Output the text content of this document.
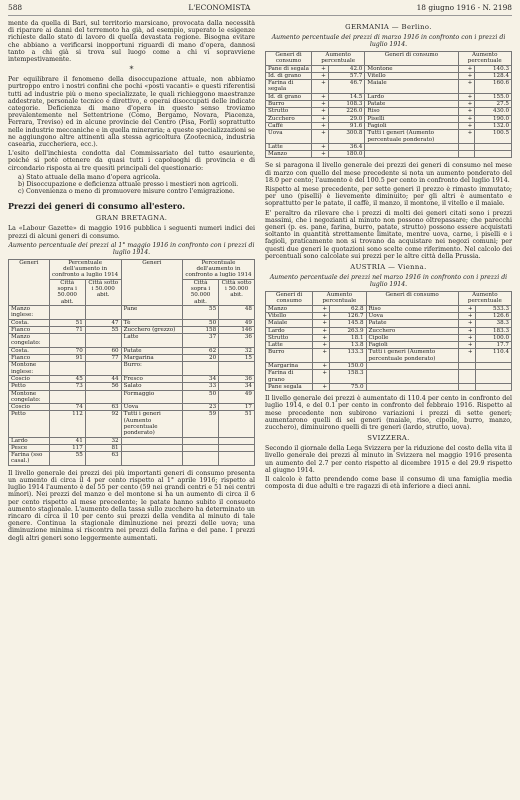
588	L'ECONOMISTA	18 giugno 1916 - N. 2198

mente da quella di Bari, sul territorio marsicano, provocata dalla necessità di riparare ai danni del terremoto ha già, ad esempio, superato le esigenze richieste dallo stato di lavoro di quella devastata regione. Bisogna evitare che abbiano a verificarsi inopportuni riguardi di mano d'opera, dannosi tanto a chi già si trova sul luogo come a chi vi sopravviene intempestivamente.

*

Per equilibrare il fenomeno della disoccupazione attuale, non abbiamo purtroppo entro i nostri confini che pochi «posti vacanti» e questi riferentisi tutti ad industrie più o meno specializzate, le quali richieggono maestranze addestrate, personale tecnico e direttivo, e operai disoccupati delle indicate categorie. Deficienza di mano d'opera in questo senso troviamo prevalentemente nel Settentrione (Como, Bergamo, Novara, Piacenza, Ferrara, Treviso) ed in alcune provincie del Centro (Pisa, Forlì) soprattutto nelle industrie meccaniche e in quella mineraria; a queste specializzazioni se ne aggiungono altre attinenti alla stessa agricoltura (Zootecnica, industria casearia, zuccheriera, ecc.).

L'esito dell'inchiesta condotta dal Commissariato del tutto esauriente, poiché si potè ottenere da quasi tutti i capoluoghi di provincia e di circondario risposta ai tre quesiti principali del questionario:

a) Stato attuale della mano d'opera agricola.
b) Disoccupazione e deficienza attuale presso i mestieri non agricoli.
c) Convenienza o meno di promuovere misure contro l'emigrazione.
Prezzi dei generi di consumo all'estero.
GRAN BRETAGNA.

La «Labour Gazette» di maggio 1916 pubblica i seguenti numeri indici dei prezzi di alcuni generi di consumo.

Aumento percentuale dei prezzi al 1° maggio 1916 in confronto con i prezzi di luglio 1914.
Generi	Percentuale dell'aumento in confronto a luglio 1914		Generi	Percentuale dell'aumento in confronto a luglio 1914	
	Città sopra i 50.000 abit.	Città sotto i 50.000 abit.		Città sopra i 50.000 abit.	Città sotto i 50.000 abit.
Manzo inglese:			Pane	55	48
Costa.	51	47	Tè	50	49
Fianco	71	55	Zucchero (grezzo)	158	146
Manzo congelato:			Latte	37	36
Costa.	70	60	Patate	62	32
Fianco	91	77	Margarina	20	15
Montone inglese:			Burro:		
Coscio	45	44	Fresco	34	36
Petto	73	56	Salato	33	34
Montone congelato:			Formaggio	50	49
Coscio	74	63	Uova	23	17
Petto	112	92	Tutti i generi (Aumento percentuale ponderato)	59	51
Lardo	41	32			
Pesce	117	81			
Farina (sso casal.)	55	63			

Il livello generale dei prezzi dei più importanti generi di consumo presenta un aumento di circa il 4 per cento rispetto al 1° aprile 1916; rispetto al luglio 1914 l'aumento è del 55 per cento (59 nei grandi centri e 51 nei centri minori). Nei prezzi del manzo e del montone si ha un aumento di circa il 6 per cento rispetto al mese precedente; le patate hanno subito il consueto aumento stagionale. L'aumento della tassa sullo zucchero ha determinato un rincaro di circa il 10 per cento sui prezzi della vendita al minuto di tale genere. Continua la stagionale diminuzione nei prezzi delle uova; una diminuzione minima si riscontra nei prezzi della farina e del pane. I prezzi degli altri generi sono leggermente aumentati.

GERMANIA — Berlino.
Aumento percentuale dei prezzi di marzo 1916 in confronto con i prezzi di luglio 1914.
Generi di consumo	Aumento percentuale		Generi di consumo	Aumento percentuale	
Pane di segala	+	42.0	Montone	+	140.3
Id. di grano	+	57.7	Vitello	+	128.4
Farina di segala	+	46.7	Maiale	+	160.6
Id. di grano	+	14.5	Lardo	+	155.0
Burro	+	108.3	Patate	+	27.5
Strutto	+	226.0	Riso	+	430.0
Zucchero	+	29.0	Piselli	+	190.0
Caffè	+	91.6	Fagioli	+	132.0
Uova	+	300.8	Tutti i generi (Aumento percentuale ponderato)	+	100.5
Latte	+	36.4			
Manzo	+	180.0			

Se si paragona il livello generale dei prezzi dei generi di consumo nel mese di marzo con quello del mese precedente si nota un aumento ponderato del 18.0 per cento; l'aumento è del 100.5 per cento in confronto del luglio 1914.

Rispetto al mese precedente, per sette generi il prezzo è rimasto immutato; per uno (piselli) è lievemente diminuito; per gli altri è aumentato e soprattutto per le patate, il caffè, il manzo, il montone, il vitello e il maiale.

E' peraltro da rilevare che i prezzi di molti dei generi citati sono i prezzi massimi, che i negozianti al minuto non possono oltrepassare; che parecchi generi (p. es. pane, farina, burro, patate, strutto) possono essere acquistati soltanto in quantità strettamente limitate, mentre uova, carne, i piselli e i fagioli, praticamente non si trovano da acquistare nei negozi comuni; per questi due generi le quotazioni sono scelte come riferimento. Nel calcolo dei percentuali sono calcolate sui prezzi per le altre città della Prussia.

AUSTRIA — Vienna.
Aumento percentuale dei prezzi nel marzo 1916 in confronto con i prezzi di luglio 1914.
Generi di consumo	Aumento percentuale		Generi di consumo	Aumento percentuale	
Manzo	+	62.8	Riso	+	533.3
Vitello	+	126.7	Uova	+	126.6
Maiale	+	145.8	Patate	+	38.3
Lardo	+	263.9	Zucchero	+	183.3
Strutto	+	18.1	Cipolle	+	100.0
Latte	+	13.8	Fagioli	+	17.7
Burro	+	133.3	Tutti i generi (Aumento percentuale ponderato)	+	110.4
Margarina	+	150.0			
Farina di grano	+	158.3			
Pane segala	+	75.0			

Il livello generale dei prezzi è aumentato di 110.4 per cento in confronto del luglio 1914, e del 0.1 per cento in confronto del febbraio 1916. Rispetto al mese precedente non subirono variazioni i prezzi di sette generi; aumentarono quelli di sei generi (maiale, riso, cipolle, burro, manzo, zucchero), diminuirono quelli di tre generi (lardo, strutto, uova).

SVIZZERA.

Secondo il giornale della Lega Svizzera per la riduzione del costo della vita il livello generale dei prezzi al minuto in Svizzera nel maggio 1916 presenta un aumento del 2.7 per cento rispetto al dicembre 1915 e del 29.9 rispetto al giugno 1914.

Il calcolo è fatto prendendo come base il consumo di una famiglia media composta di due adulti e tre ragazzi di età inferiore a dieci anni.
